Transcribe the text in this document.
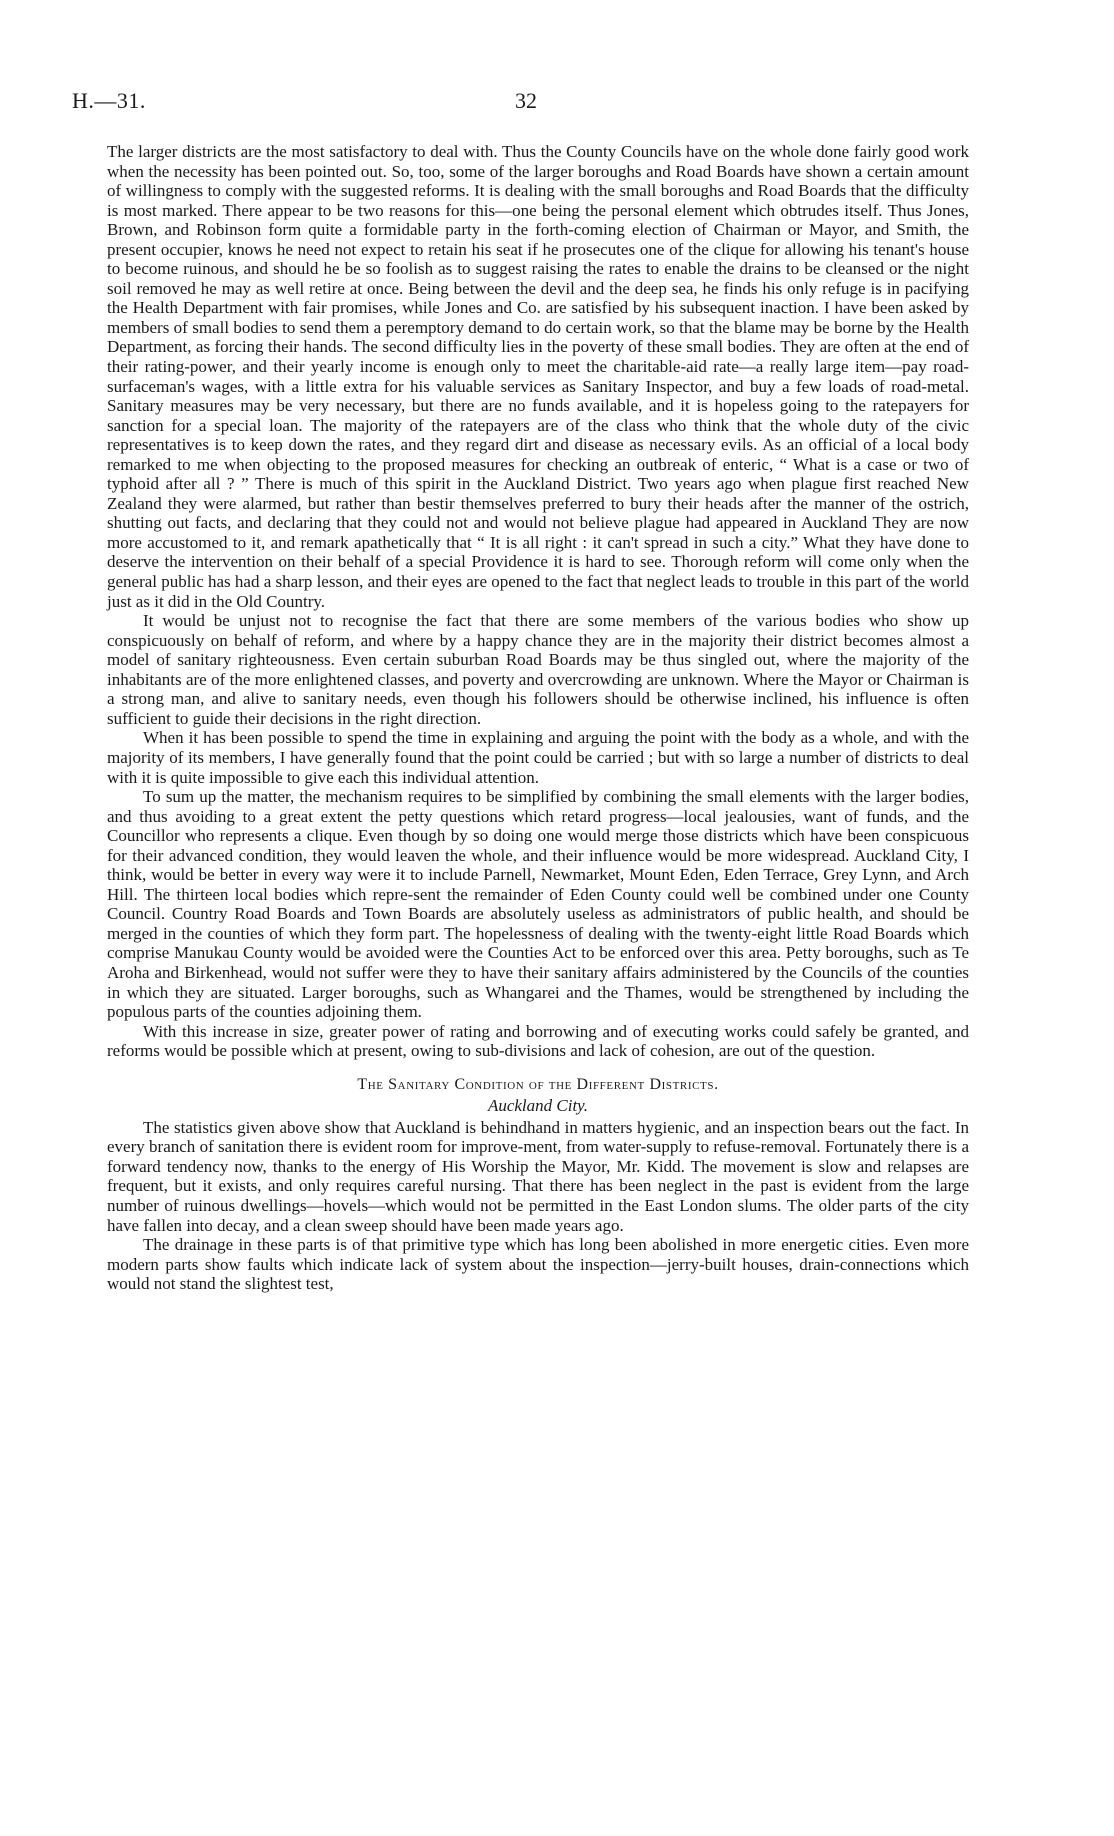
H.—31.	32

The larger districts are the most satisfactory to deal with. Thus the County Councils have on the whole done fairly good work when the necessity has been pointed out. So, too, some of the larger boroughs and Road Boards have shown a certain amount of willingness to comply with the suggested reforms. It is dealing with the small boroughs and Road Boards that the difficulty is most marked. There appear to be two reasons for this—one being the personal element which obtrudes itself. Thus Jones, Brown, and Robinson form quite a formidable party in the forth-coming election of Chairman or Mayor, and Smith, the present occupier, knows he need not expect to retain his seat if he prosecutes one of the clique for allowing his tenant's house to become ruinous, and should he be so foolish as to suggest raising the rates to enable the drains to be cleansed or the night soil removed he may as well retire at once. Being between the devil and the deep sea, he finds his only refuge is in pacifying the Health Department with fair promises, while Jones and Co. are satisfied by his subsequent inaction. I have been asked by members of small bodies to send them a peremptory demand to do certain work, so that the blame may be borne by the Health Department, as forcing their hands. The second difficulty lies in the poverty of these small bodies. They are often at the end of their rating-power, and their yearly income is enough only to meet the charitable-aid rate—a really large item—pay road-surfaceman's wages, with a little extra for his valuable services as Sanitary Inspector, and buy a few loads of road-metal. Sanitary measures may be very necessary, but there are no funds available, and it is hopeless going to the ratepayers for sanction for a special loan. The majority of the ratepayers are of the class who think that the whole duty of the civic representatives is to keep down the rates, and they regard dirt and disease as necessary evils. As an official of a local body remarked to me when objecting to the proposed measures for checking an outbreak of enteric, “ What is a case or two of typhoid after all ? ” There is much of this spirit in the Auckland District. Two years ago when plague first reached New Zealand they were alarmed, but rather than bestir themselves preferred to bury their heads after the manner of the ostrich, shutting out facts, and declaring that they could not and would not believe plague had appeared in Auckland They are now more accustomed to it, and remark apathetically that “ It is all right : it can't spread in such a city.” What they have done to deserve the intervention on their behalf of a special Providence it is hard to see. Thorough reform will come only when the general public has had a sharp lesson, and their eyes are opened to the fact that neglect leads to trouble in this part of the world just as it did in the Old Country.

It would be unjust not to recognise the fact that there are some members of the various bodies who show up conspicuously on behalf of reform, and where by a happy chance they are in the majority their district becomes almost a model of sanitary righteousness. Even certain suburban Road Boards may be thus singled out, where the majority of the inhabitants are of the more enlightened classes, and poverty and overcrowding are unknown. Where the Mayor or Chairman is a strong man, and alive to sanitary needs, even though his followers should be otherwise inclined, his influence is often sufficient to guide their decisions in the right direction.

When it has been possible to spend the time in explaining and arguing the point with the body as a whole, and with the majority of its members, I have generally found that the point could be carried ; but with so large a number of districts to deal with it is quite impossible to give each this individual attention.

To sum up the matter, the mechanism requires to be simplified by combining the small elements with the larger bodies, and thus avoiding to a great extent the petty questions which retard progress—local jealousies, want of funds, and the Councillor who represents a clique. Even though by so doing one would merge those districts which have been conspicuous for their advanced condition, they would leaven the whole, and their influence would be more widespread. Auckland City, I think, would be better in every way were it to include Parnell, Newmarket, Mount Eden, Eden Terrace, Grey Lynn, and Arch Hill. The thirteen local bodies which repre-sent the remainder of Eden County could well be combined under one County Council. Country Road Boards and Town Boards are absolutely useless as administrators of public health, and should be merged in the counties of which they form part. The hopelessness of dealing with the twenty-eight little Road Boards which comprise Manukau County would be avoided were the Counties Act to be enforced over this area. Petty boroughs, such as Te Aroha and Birkenhead, would not suffer were they to have their sanitary affairs administered by the Councils of the counties in which they are situated. Larger boroughs, such as Whangarei and the Thames, would be strengthened by including the populous parts of the counties adjoining them.

With this increase in size, greater power of rating and borrowing and of executing works could safely be granted, and reforms would be possible which at present, owing to sub-divisions and lack of cohesion, are out of the question.

The Sanitary Condition of the Different Districts.
Auckland City.

The statistics given above show that Auckland is behindhand in matters hygienic, and an inspection bears out the fact. In every branch of sanitation there is evident room for improve-ment, from water-supply to refuse-removal. Fortunately there is a forward tendency now, thanks to the energy of His Worship the Mayor, Mr. Kidd. The movement is slow and relapses are frequent, but it exists, and only requires careful nursing. That there has been neglect in the past is evident from the large number of ruinous dwellings—hovels—which would not be permitted in the East London slums. The older parts of the city have fallen into decay, and a clean sweep should have been made years ago.

The drainage in these parts is of that primitive type which has long been abolished in more energetic cities. Even more modern parts show faults which indicate lack of system about the inspection—jerry-built houses, drain-connections which would not stand the slightest test,
